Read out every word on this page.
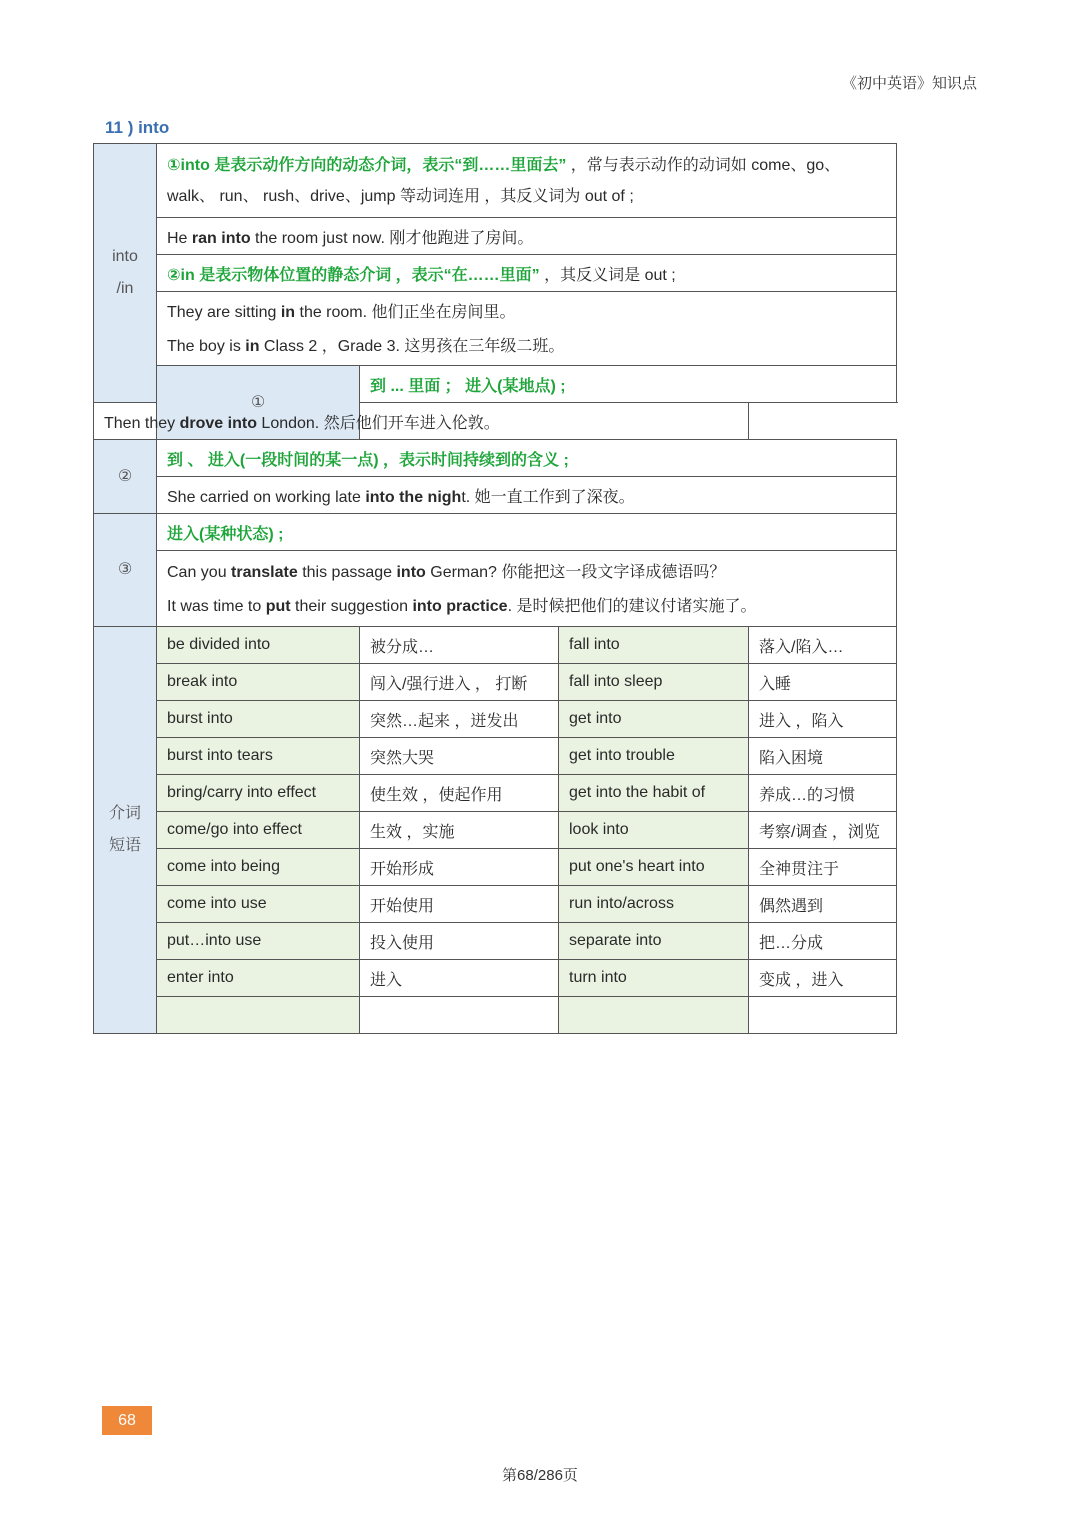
《初中英语》知识点
11 ) into
into
/in	①into 是表示动作方向的动态介词，表示“到……里面去” ，常与表示动作的动词如 come、go、walk、 run、 rush、drive、jump 等动词连用 ，其反义词为 out of ;			
	He ran into the room just now. 刚才他跑进了房间。			
	②in 是表示物体位置的静态介词 ，表示“在……里面” ，其反义词是 out ;			

	They are sitting in the room. 他们正坐在房间里。
The boy is in Class 2 ，Grade 3. 这男孩在三年级二班。			

	①	到 ... 里面 ； 进入(某地点) ;		
Then they drove into London. 然后他们开车进入伦敦。				
②	到 、 进入(一段时间的某一点) ，表示时间持续到的含义 ;			
	She carried on working late into the night. 她一直工作到了深夜。			
③	进入(某种状态) ;			

	Can you translate this passage into German? 你能把这一段文字译成德语吗？
It was time to put their suggestion into practice. 是时候把他们的建议付诸实施了。			

介词
短语	be divided into	被分成…	fall into	落入/陷入…
	break into	闯入/强行进入 ， 打断	fall into sleep	入睡
	burst into	突然…起来 ，迸发出	get into	进入 ，陷入
	burst into tears	突然大哭	get into trouble	陷入困境
	bring/carry into effect	使生效 ，使起作用	get into the habit of	养成…的习惯
	come/go into effect	生效 ，实施	look into	考察/调查 ，浏览
	come into being	开始形成	put one's heart into	全神贯注于
	come into use	开始使用	run into/across	偶然遇到
	put…into use	投入使用	separate into	把…分成
	enter into	进入	turn into	变成 ，进入

68
第68/286页
